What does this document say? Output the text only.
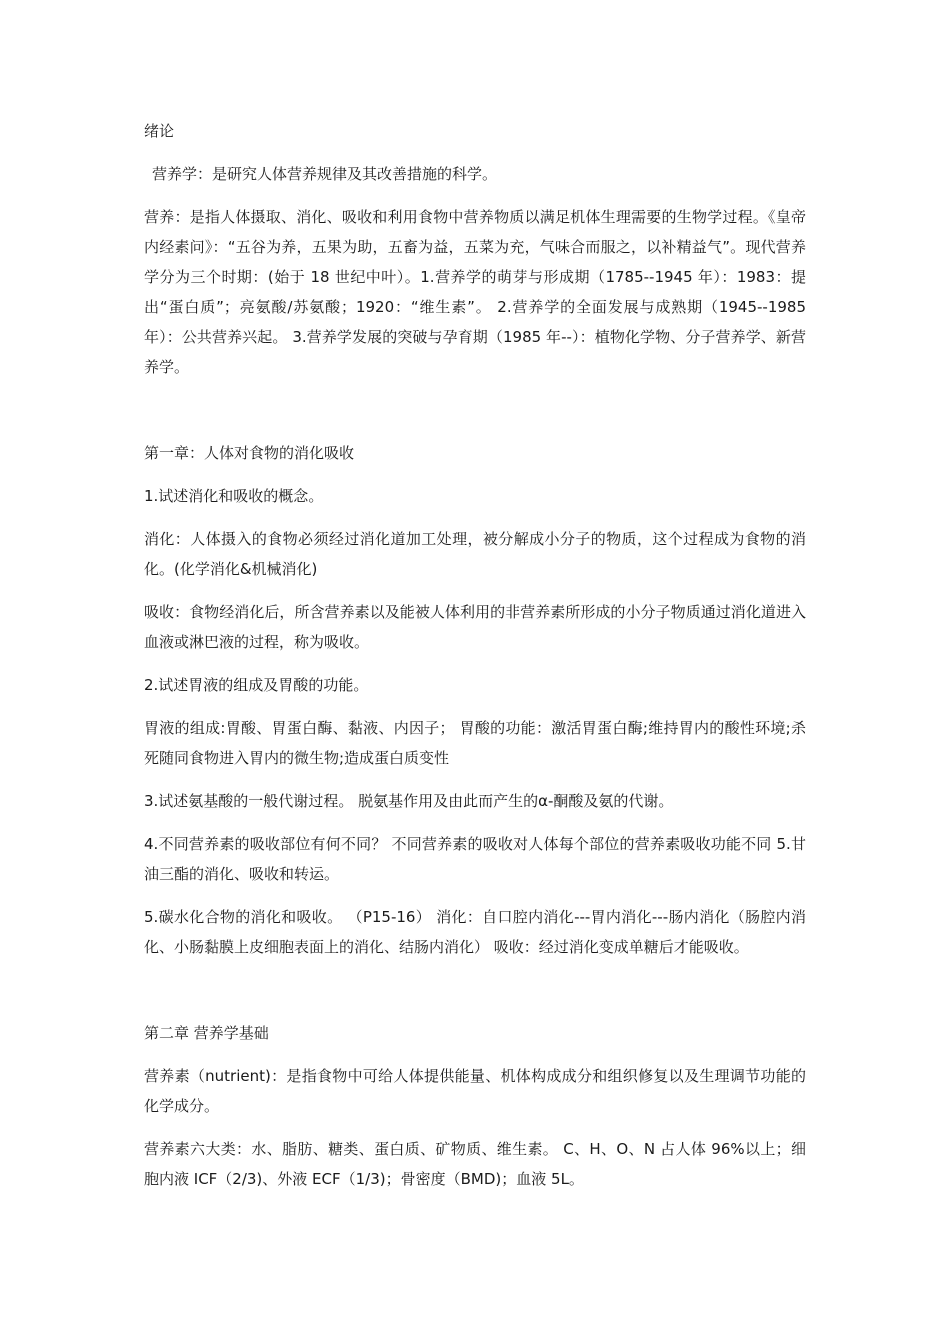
绪论

营养学：是研究人体营养规律及其改善措施的科学。

营养：是指人体摄取、消化、吸收和利用食物中营养物质以满足机体生理需要的生物学过程。《皇帝内经素问》：“五谷为养，五果为助，五畜为益，五菜为充，气味合而服之，以补精益气”。现代营养学分为三个时期：(始于 18 世纪中叶）。1.营养学的萌芽与形成期（1785--1945 年）：1983：提出“蛋白质”；亮氨酸/苏氨酸；1920：“维生素”。 2.营养学的全面发展与成熟期（1945--1985 年）：公共营养兴起。 3.营养学发展的突破与孕育期（1985 年--）：植物化学物、分子营养学、新营养学。

第一章：人体对食物的消化吸收

1.试述消化和吸收的概念。

消化：人体摄入的食物必须经过消化道加工处理，被分解成小分子的物质，这个过程成为食物的消化。(化学消化&机械消化)

吸收：食物经消化后，所含营养素以及能被人体利用的非营养素所形成的小分子物质通过消化道进入血液或淋巴液的过程，称为吸收。

2.试述胃液的组成及胃酸的功能。

胃液的组成:胃酸、胃蛋白酶、黏液、内因子； 胃酸的功能：激活胃蛋白酶;维持胃内的酸性环境;杀死随同食物进入胃内的微生物;造成蛋白质变性

3.试述氨基酸的一般代谢过程。 脱氨基作用及由此而产生的α-酮酸及氨的代谢。

4.不同营养素的吸收部位有何不同？ 不同营养素的吸收对人体每个部位的营养素吸收功能不同 5.甘油三酯的消化、吸收和转运。

5.碳水化合物的消化和吸收。 （P15-16） 消化：自口腔内消化---胃内消化---肠内消化（肠腔内消化、小肠黏膜上皮细胞表面上的消化、结肠内消化） 吸收：经过消化变成单糖后才能吸收。

第二章 营养学基础

营养素（nutrient)：是指食物中可给人体提供能量、机体构成成分和组织修复以及生理调节功能的化学成分。

营养素六大类：水、脂肪、糖类、蛋白质、矿物质、维生素。 C、H、O、N 占人体 96%以上；细胞内液 ICF（2/3)、外液 ECF（1/3)；骨密度（BMD)；血液 5L。
